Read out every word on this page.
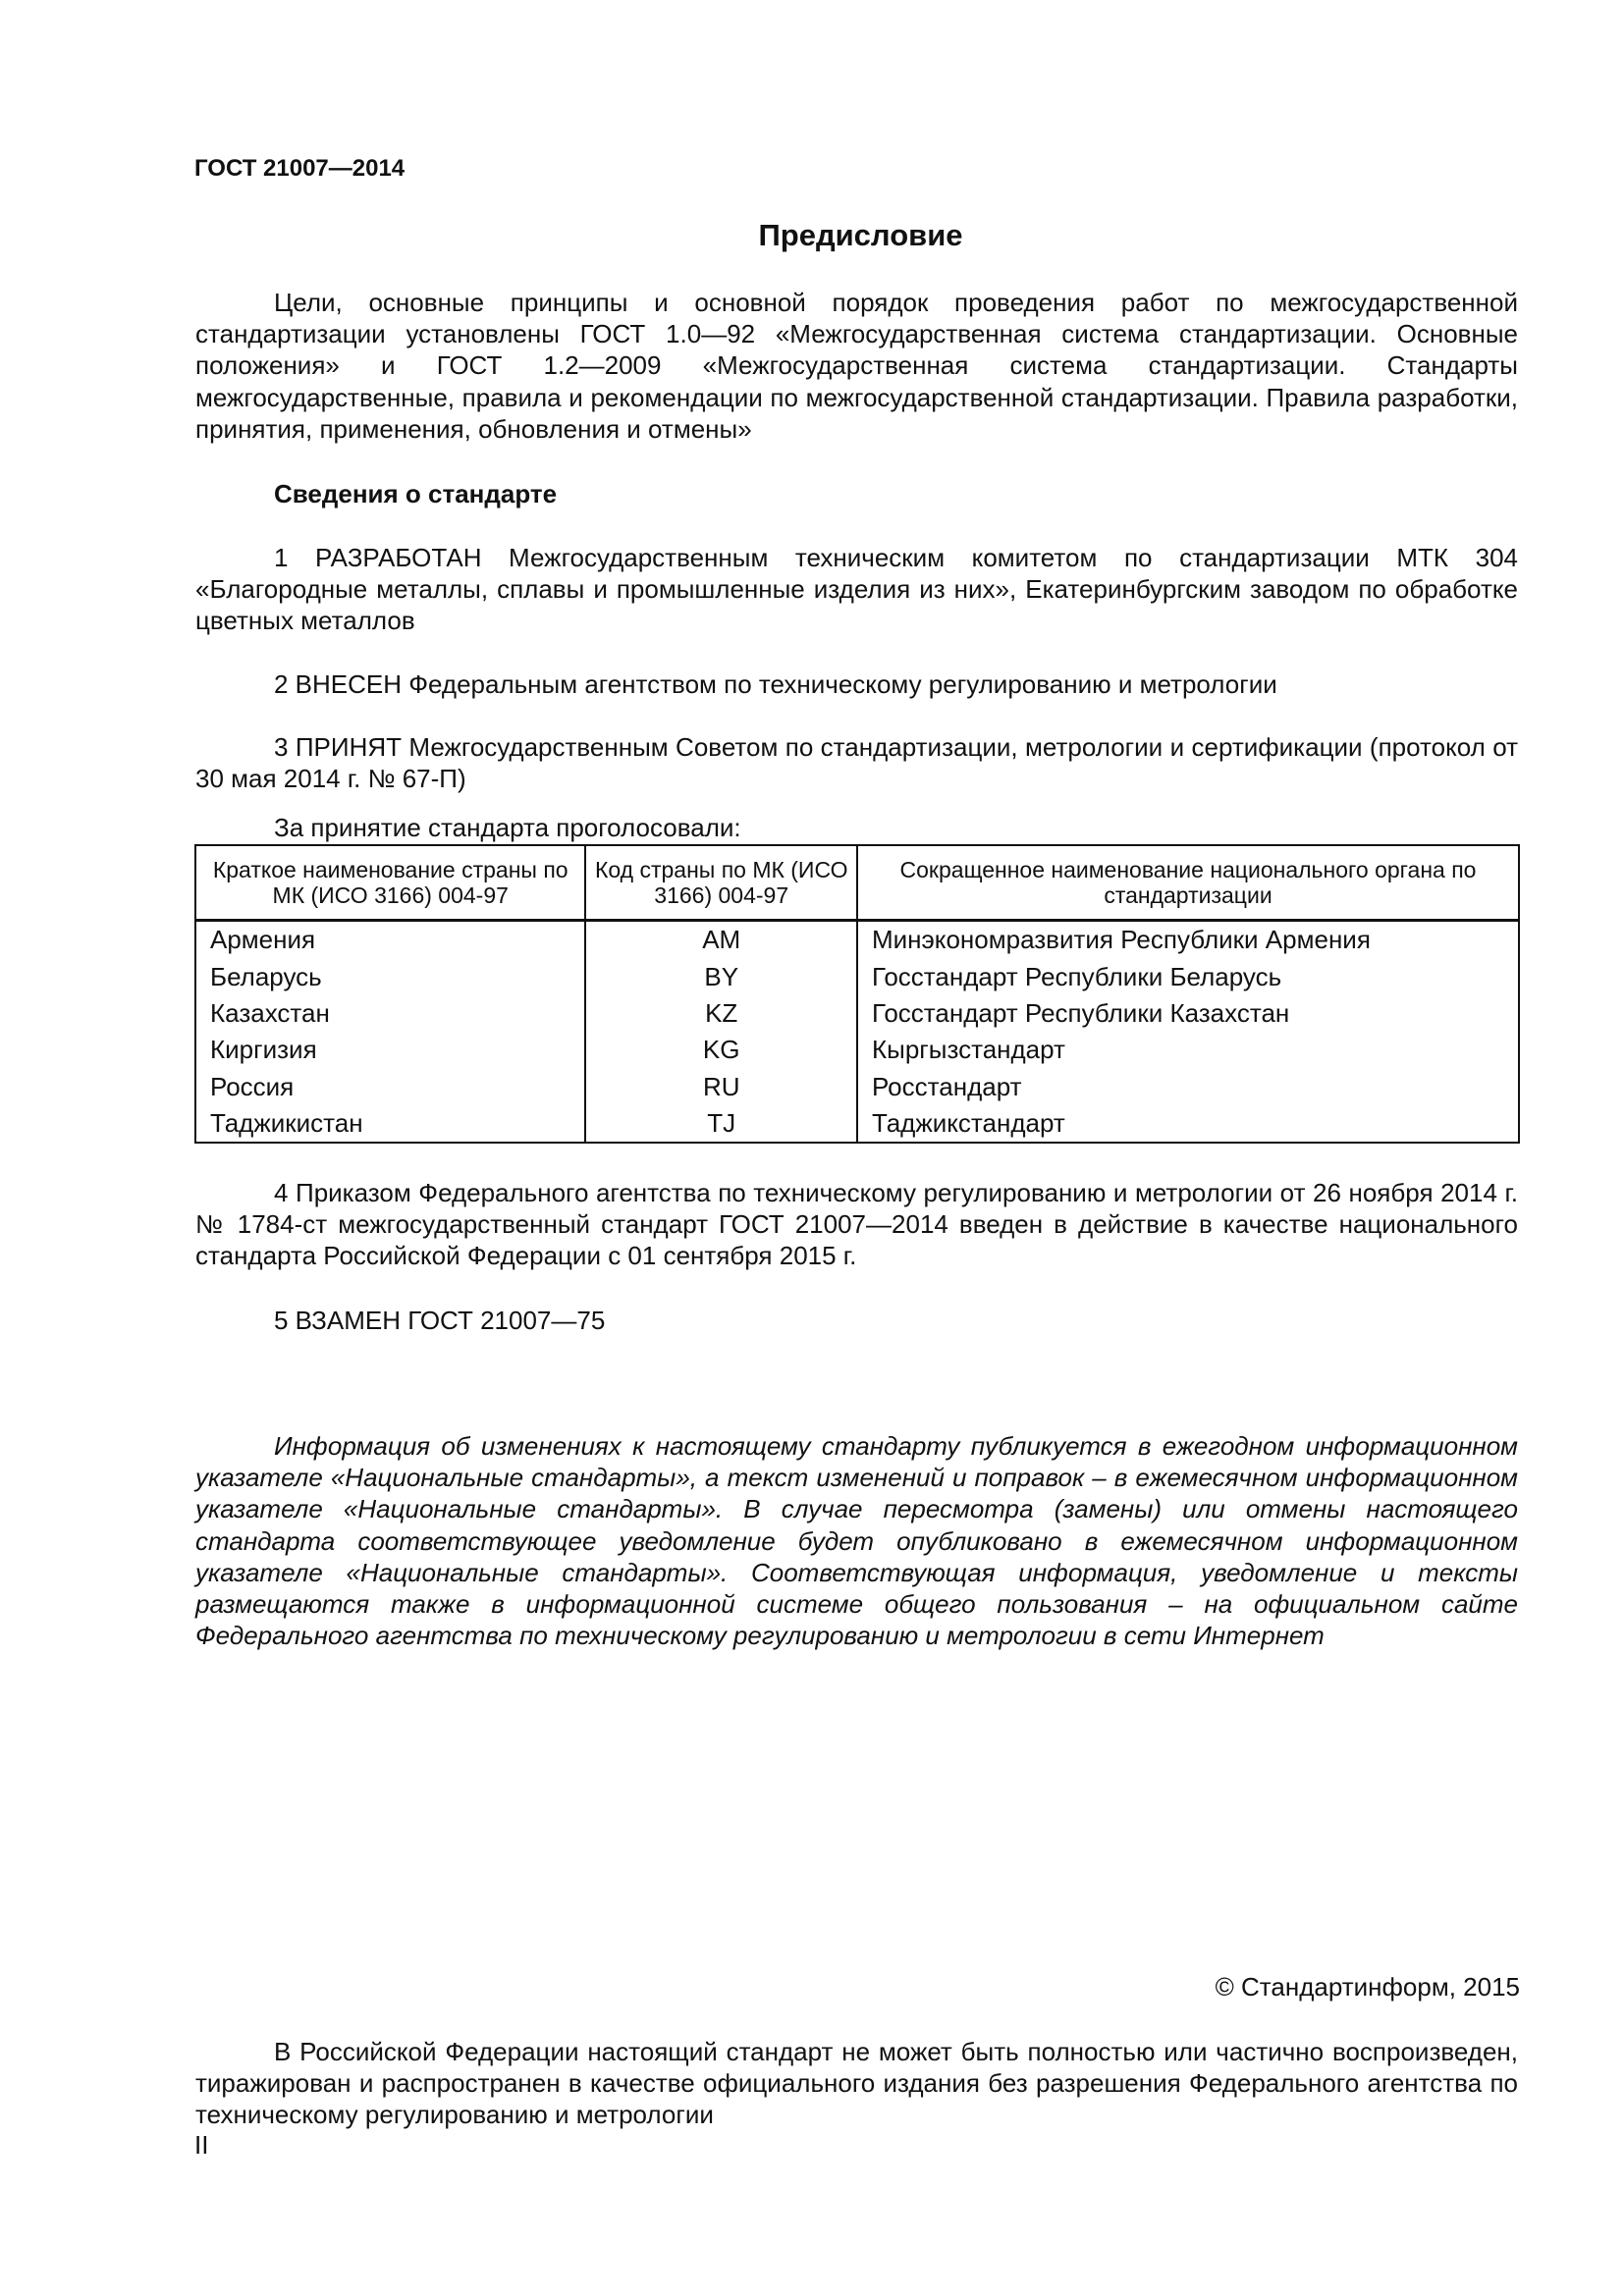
ГОСТ 21007—2014
Предисловие

Цели, основные принципы и основной порядок проведения работ по межгосударственной стандартизации установлены ГОСТ 1.0—92 «Межгосударственная система стандартизации. Основные положения» и ГОСТ 1.2—2009 «Межгосударственная система стандартизации. Стандарты межгосударственные, правила и рекомендации по межгосударственной стандартизации. Правила разработки, принятия, применения, обновления и отмены»

Сведения о стандарте

1 РАЗРАБОТАН Межгосударственным техническим комитетом по стандартизации МТК 304 «Благородные металлы, сплавы и промышленные изделия из них», Екатеринбургским заводом по обработке цветных металлов

2 ВНЕСЕН Федеральным агентством по техническому регулированию и метрологии

3 ПРИНЯТ Межгосударственным Советом по стандартизации, метрологии и сертификации (протокол от 30 мая 2014 г. № 67-П)

За принятие стандарта проголосовали:

Краткое наименование страны по МК (ИСО 3166) 004-97	Код страны по МК (ИСО 3166) 004-97	Сокращенное наименование национального органа по стандартизации
Армения	AM	Минэкономразвития Республики Армения
Беларусь	BY	Госстандарт Республики Беларусь
Казахстан	KZ	Госстандарт Республики Казахстан
Киргизия	KG	Кыргызстандарт
Россия	RU	Росстандарт
Таджикистан	TJ	Таджикстандарт

4 Приказом Федерального агентства по техническому регулированию и метрологии от 26 ноября 2014 г. № 1784-ст межгосударственный стандарт ГОСТ 21007—2014 введен в действие в качестве национального стандарта Российской Федерации с 01 сентября 2015 г.

5 ВЗАМЕН ГОСТ 21007—75

Информация об изменениях к настоящему стандарту публикуется в ежегодном информационном указателе «Национальные стандарты», а текст изменений и поправок – в ежемесячном информационном указателе «Национальные стандарты». В случае пересмотра (замены) или отмены настоящего стандарта соответствующее уведомление будет опубликовано в ежемесячном информационном указателе «Национальные стандарты». Соответствующая информация, уведомление и тексты размещаются также в информационной системе общего пользования – на официальном сайте Федерального агентства по техническому регулированию и метрологии в сети Интернет

© Стандартинформ, 2015

В Российской Федерации настоящий стандарт не может быть полностью или частично воспроизведен, тиражирован и распространен в качестве официального издания без разрешения Федерального агентства по техническому регулированию и метрологии

II
